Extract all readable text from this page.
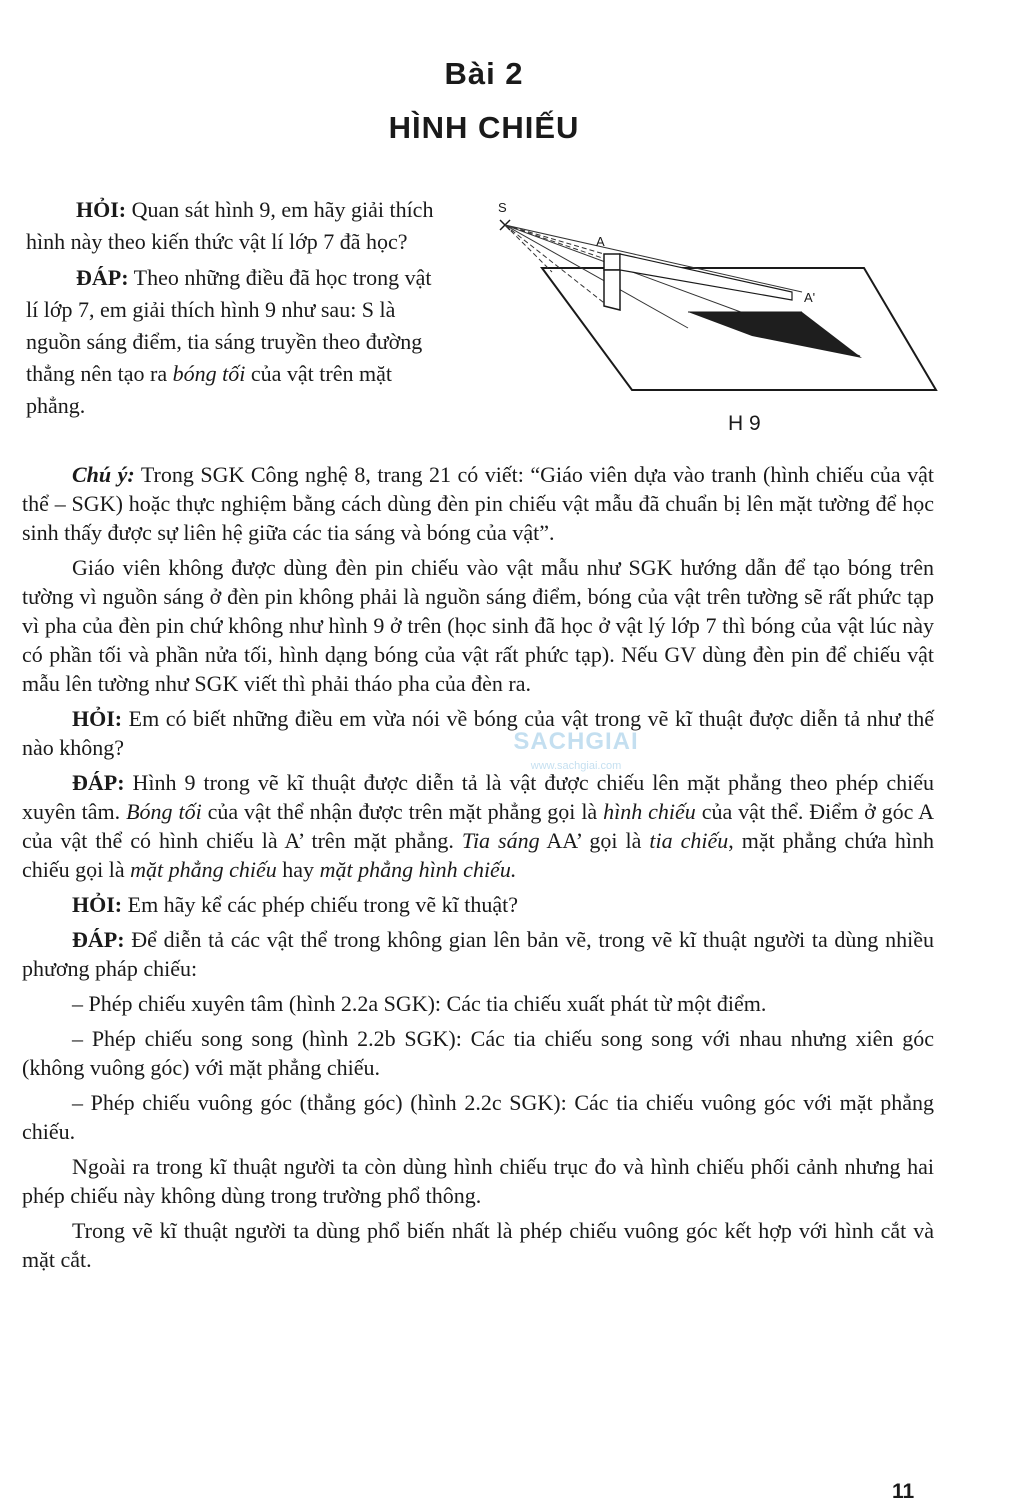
Bài 2
HÌNH CHIẾU

HỎI: Quan sát hình 9, em hãy giải thích hình này theo kiến thức vật lí lớp 7 đã học?

ĐÁP: Theo những điều đã học trong vật lí lớp 7, em giải thích hình 9 như sau: S là nguồn sáng điểm, tia sáng truyền theo đường thẳng nên tạo ra bóng tối của vật trên mặt phẳng.

S
A
A'
H 9

Chú ý: Trong SGK Công nghệ 8, trang 21 có viết: “Giáo viên dựa vào tranh (hình chiếu của vật thể – SGK) hoặc thực nghiệm bằng cách dùng đèn pin chiếu vật mẫu đã chuẩn bị lên mặt tường để học sinh thấy được sự liên hệ giữa các tia sáng và bóng của vật”.

Giáo viên không được dùng đèn pin chiếu vào vật mẫu như SGK hướng dẫn để tạo bóng trên tường vì nguồn sáng ở đèn pin không phải là nguồn sáng điểm, bóng của vật trên tường sẽ rất phức tạp vì pha của đèn pin chứ không như hình 9 ở trên (học sinh đã học ở vật lý lớp 7 thì bóng của vật lúc này có phần tối và phần nửa tối, hình dạng bóng của vật rất phức tạp). Nếu GV dùng đèn pin để chiếu vật mẫu lên tường như SGK viết thì phải tháo pha của đèn ra.

HỎI: Em có biết những điều em vừa nói về bóng của vật trong vẽ kĩ thuật được diễn tả như thế nào không?

ĐÁP: Hình 9 trong vẽ kĩ thuật được diễn tả là vật được chiếu lên mặt phẳng theo phép chiếu xuyên tâm. Bóng tối của vật thể nhận được trên mặt phẳng gọi là hình chiếu của vật thể. Điểm ở góc A của vật thể có hình chiếu là A’ trên mặt phẳng. Tia sáng AA’ gọi là tia chiếu, mặt phẳng chứa hình chiếu gọi là mặt phẳng chiếu hay mặt phẳng hình chiếu.

HỎI: Em hãy kể các phép chiếu trong vẽ kĩ thuật?

ĐÁP: Để diễn tả các vật thể trong không gian lên bản vẽ, trong vẽ kĩ thuật người ta dùng nhiều phương pháp chiếu:

– Phép chiếu xuyên tâm (hình 2.2a SGK): Các tia chiếu xuất phát từ một điểm.

– Phép chiếu song song (hình 2.2b SGK): Các tia chiếu song song với nhau nhưng xiên góc (không vuông góc) với mặt phẳng chiếu.

– Phép chiếu vuông góc (thẳng góc) (hình 2.2c SGK): Các tia chiếu vuông góc với mặt phẳng chiếu.

Ngoài ra trong kĩ thuật người ta còn dùng hình chiếu trục đo và hình chiếu phối cảnh nhưng hai phép chiếu này không dùng trong trường phổ thông.

Trong vẽ kĩ thuật người ta dùng phổ biến nhất là phép chiếu vuông góc kết hợp với hình cắt và mặt cắt.

SACHGIAI
www.sachgiai.com
11
